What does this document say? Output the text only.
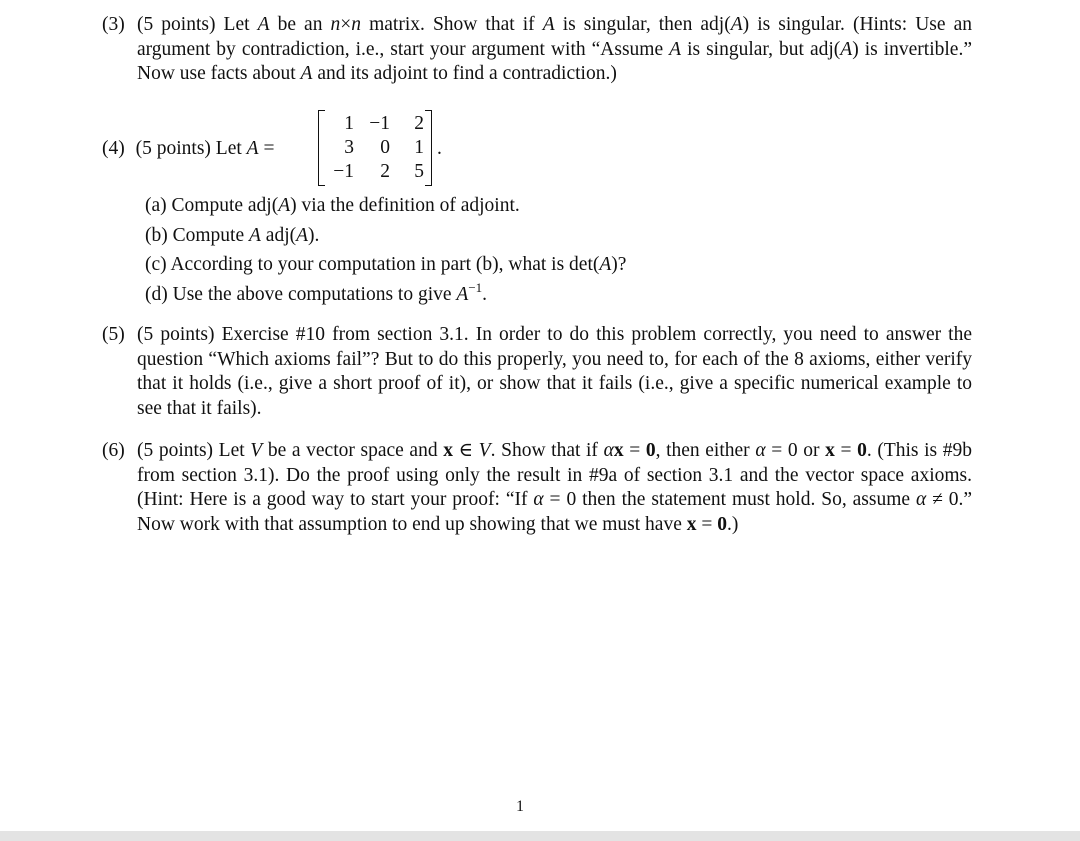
(3) (5 points) Let A be an n×n matrix. Show that if A is singular, then adj(A) is singular. (Hints: Use an argument by contradiction, i.e., start your argument with “Assume A is singular, but adj(A) is invertible.” Now use facts about A and its adjoint to find a contradiction.)
(4) (5 points) Let A =
1 −1	2
3	0	1
−1	2	5
.
(a) Compute adj(A) via the definition of adjoint.
(b) Compute A adj(A).
(c) According to your computation in part (b), what is det(A)?
(d) Use the above computations to give $A^{-1}$.
(5) (5 points) Exercise #10 from section 3.1. In order to do this problem correctly, you need to answer the question “Which axioms fail”? But to do this properly, you need to, for each of the 8 axioms, either verify that it holds (i.e., give a short proof of it), or show that it fails (i.e., give a specific numerical example to see that it fails).
(6) (5 points) Let V be a vector space and x ∈ V. Show that if αx = 0, then either α = 0 or x = 0. (This is #9b from section 3.1). Do the proof using only the result in #9a of section 3.1 and the vector space axioms. (Hint: Here is a good way to start your proof: “If α = 0 then the statement must hold. So, assume α ≠ 0.” Now work with that assumption to end up showing that we must have x = 0.)
1
